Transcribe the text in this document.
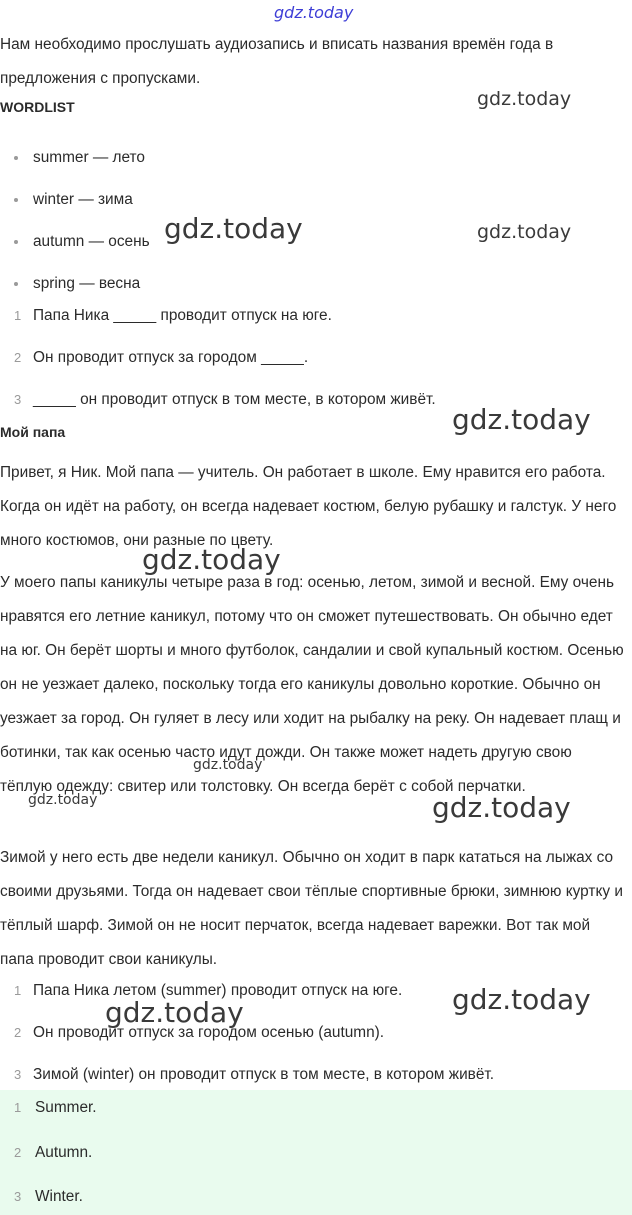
Нам необходимо прослушать аудиозапись и вписать названия времён года в предложения с пропусками.

WORDLIST
summer — лето
winter — зима
autumn — осень
spring — весна
1 Папа Ника _____ проводит отпуск на юге.
2 Он проводит отпуск за городом _____.
3 _____ он проводит отпуск в том месте, в котором живёт.
Мой папа

Привет, я Ник. Мой папа — учитель. Он работает в школе. Ему нравится его работа. Когда он идёт на работу, он всегда надевает костюм, белую рубашку и галстук. У него много костюмов, они разные по цвету.

У моего папы каникулы четыре раза в год: осенью, летом, зимой и весной. Ему очень нравятся его летние каникул, потому что он сможет путешествовать. Он обычно едет на юг. Он берёт шорты и много футболок, сандалии и свой купальный костюм. Осенью он не уезжает далеко, поскольку тогда его каникулы довольно короткие. Обычно он уезжает за город. Он гуляет в лесу или ходит на рыбалку на реку. Он надевает плащ и ботинки, так как осенью часто идут дожди. Он также может надеть другую свою тёплую одежду: свитер или толстовку. Он всегда берёт с собой перчатки.

Зимой у него есть две недели каникул. Обычно он ходит в парк кататься на лыжах со своими друзьями. Тогда он надевает свои тёплые спортивные брюки, зимнюю куртку и тёплый шарф. Зимой он не носит перчаток, всегда надевает варежки. Вот так мой папа проводит свои каникулы.

1 Папа Ника летом (summer) проводит отпуск на юге.
2 Он проводит отпуск за городом осенью (autumn).
3 Зимой (winter) он проводит отпуск в том месте, в котором живёт.
1 Summer.
2 Autumn.
3 Winter.
gdz.today
gdz.today
gdz.today	gdz.today
gdz.today
gdz.today
gdz.today
gdz.today	gdz.today
gdz.today
gdz.today
